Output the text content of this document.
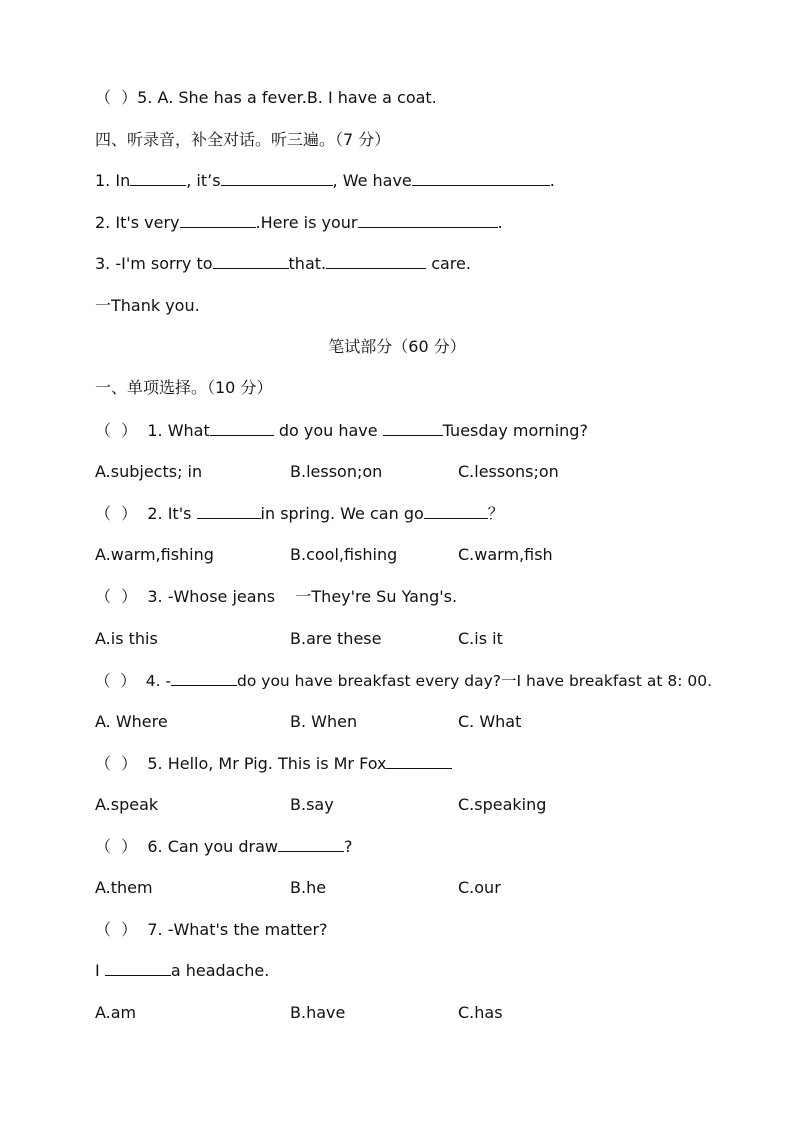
（  ）5. A. She has a fever.B. I have a coat.
四、听录音，补全对话。听三遍。（7 分）
1. In	, it’s	, We have	.
2. It's very	.Here is your	.
3. -I'm sorry to	that.	care.
一Thank you.
笔试部分（60 分）
一、单项选择。（10 分）
（  ）  1. What	do you have	Tuesday morning?
A.subjects; in	B.lesson;on	C.lessons;on
（  ）  2. It's	in spring. We can go	？
A.warm,fishing	B.cool,fishing	C.warm,fish
（  ）  3. -Whose jeans    一They're Su Yang's.
A.is this	B.are these	C.is it
（  ）  4. -	do you have breakfast every day?一I have breakfast at 8: 00.
A. Where	B. When	C. What
（  ）  5. Hello, Mr Pig. This is Mr Fox
A.speak	B.say	C.speaking
（  ）  6. Can you draw	?
A.them	B.he	C.our
（  ）  7. -What's the matter?
I	a headache.
A.am	B.have	C.has
